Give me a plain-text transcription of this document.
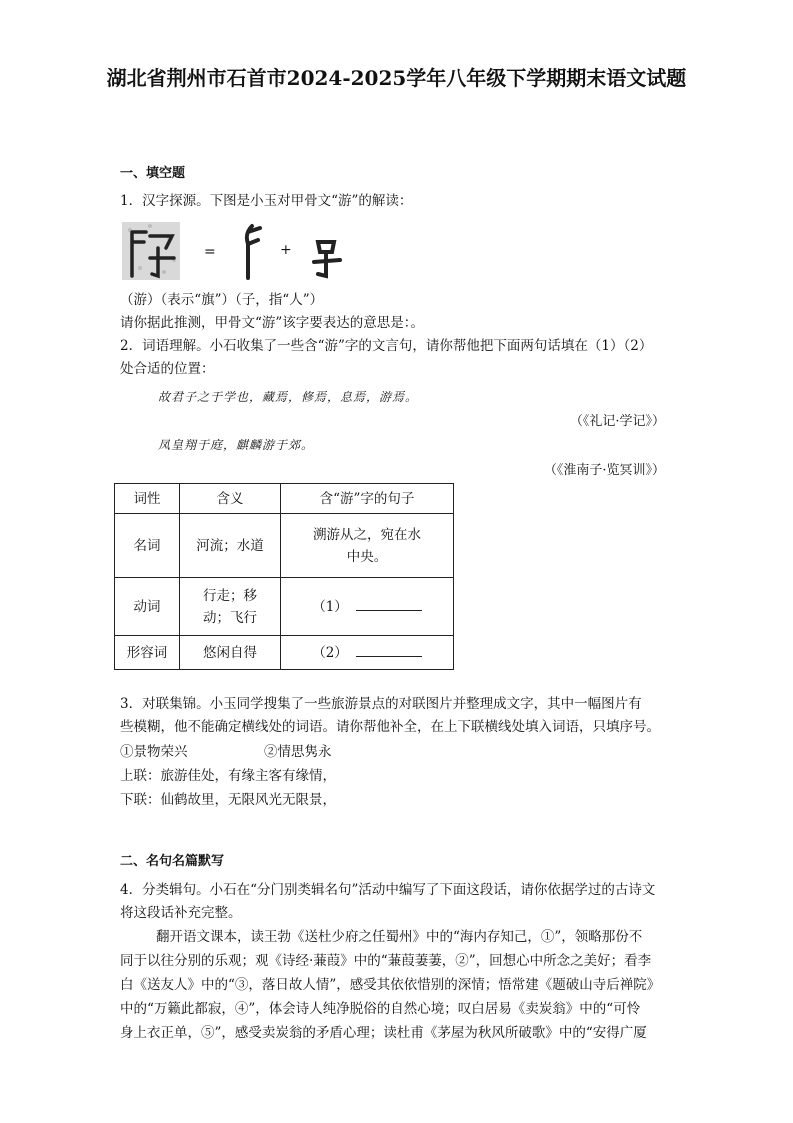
湖北省荆州市石首市2024-2025学年八年级下学期期末语文试题
一、填空题
1．汉字探源。下图是小玉对甲骨文“游”的解读：
=	+
（游）（表示“旗”）（子，指“人”）
请你据此推测，甲骨文“游”该字要表达的意思是：。
2．词语理解。小石收集了一些含“游”字的文言句，请你帮他把下面两句话填在（1）（2）
处合适的位置：
故君子之于学也，藏焉，修焉，息焉，游焉。
（《礼记·学记》）
凤皇翔于庭，麒麟游于郊。
（《淮南子·览冥训》）
词性	含义	含“游”字的句子
名词	河流；水道	溯游从之，宛在水中央。

动词	行走；移动；飞行	（1）
形容词	悠闲自得	（2）
3．对联集锦。小玉同学搜集了一些旅游景点的对联图片并整理成文字，其中一幅图片有
些模糊，他不能确定横线处的词语。请你帮他补全，在上下联横线处填入词语，只填序号。
①景物荣兴	②情思隽永
上联：旅游佳处，有缘主客有缘情，
下联：仙鹤故里，无限风光无限景，
二、名句名篇默写
4．分类辑句。小石在“分门别类辑名句”活动中编写了下面这段话，请你依据学过的古诗文
将这段话补充完整。
翻开语文课本，读王勃《送杜少府之任蜀州》中的“海内存知己，①”，领略那份不
同于以往分别的乐观；观《诗经·蒹葭》中的“蒹葭萋萋，②”，回想心中所念之美好；看李
白《送友人》中的“③，落日故人情”，感受其依依惜别的深情；悟常建《题破山寺后禅院》
中的“万籁此都寂，④”，体会诗人纯净脱俗的自然心境；叹白居易《卖炭翁》中的“可怜
身上衣正单，⑤”，感受卖炭翁的矛盾心理；读杜甫《茅屋为秋风所破歌》中的“安得广厦
